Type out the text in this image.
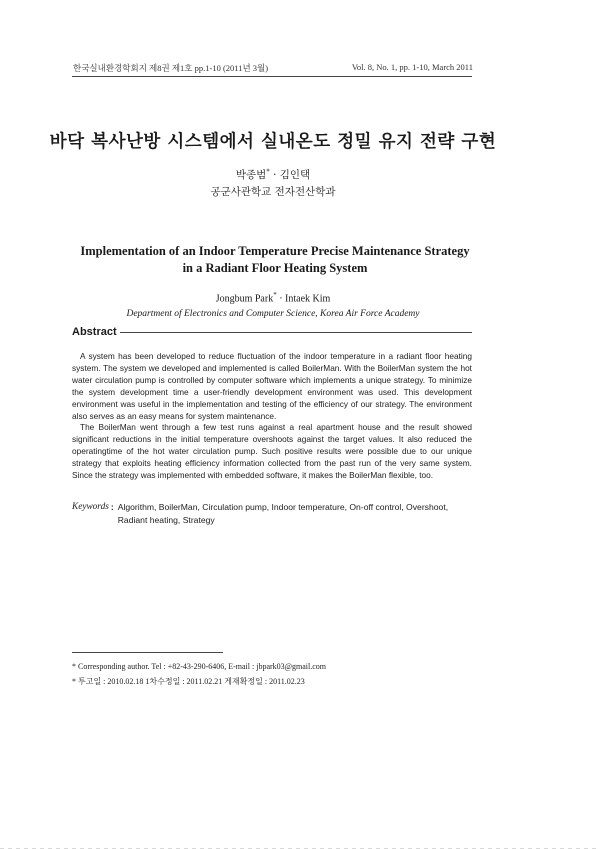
한국실내환경학회지 제8권 제1호 pp.1-10 (2011년 3월)	Vol. 8, No. 1, pp. 1-10, March 2011
바닥 복사난방 시스템에서 실내온도 정밀 유지 전략 구현
박종범* · 김인택
공군사관학교 전자전산학과
Implementation of an Indoor Temperature Precise Maintenance Strategy in a Radiant Floor Heating System
Jongbum Park* · Intaek Kim
Department of Electronics and Computer Science, Korea Air Force Academy
Abstract

A system has been developed to reduce fluctuation of the indoor temperature in a radiant floor heating system. The system we developed and implemented is called BoilerMan. With the BoilerMan system the hot water circulation pump is controlled by computer software which implements a unique strategy. To minimize the system development time a user-friendly development environment was used. This development environment was useful in the implementation and testing of the efficiency of our strategy. The environment also serves as an easy means for system maintenance.

The BoilerMan went through a few test runs against a real apartment house and the result showed significant reductions in the initial temperature overshoots against the target values. It also reduced the operatingtime of the hot water circulation pump. Such positive results were possible due to our unique strategy that exploits heating efficiency information collected from the past run of the very same system. Since the strategy was implemented with embedded software, it makes the BoilerMan flexible, too.

Keywords : Algorithm, BoilerMan, Circulation pump, Indoor temperature, On-off control, Overshoot, Radiant heating, Strategy
* Corresponding author. Tel : +82-43-290-6406, E-mail : jbpark03@gmail.com
* 투고일 : 2010.02.18 1차수정일 : 2011.02.21 게재확정일 : 2011.02.23
